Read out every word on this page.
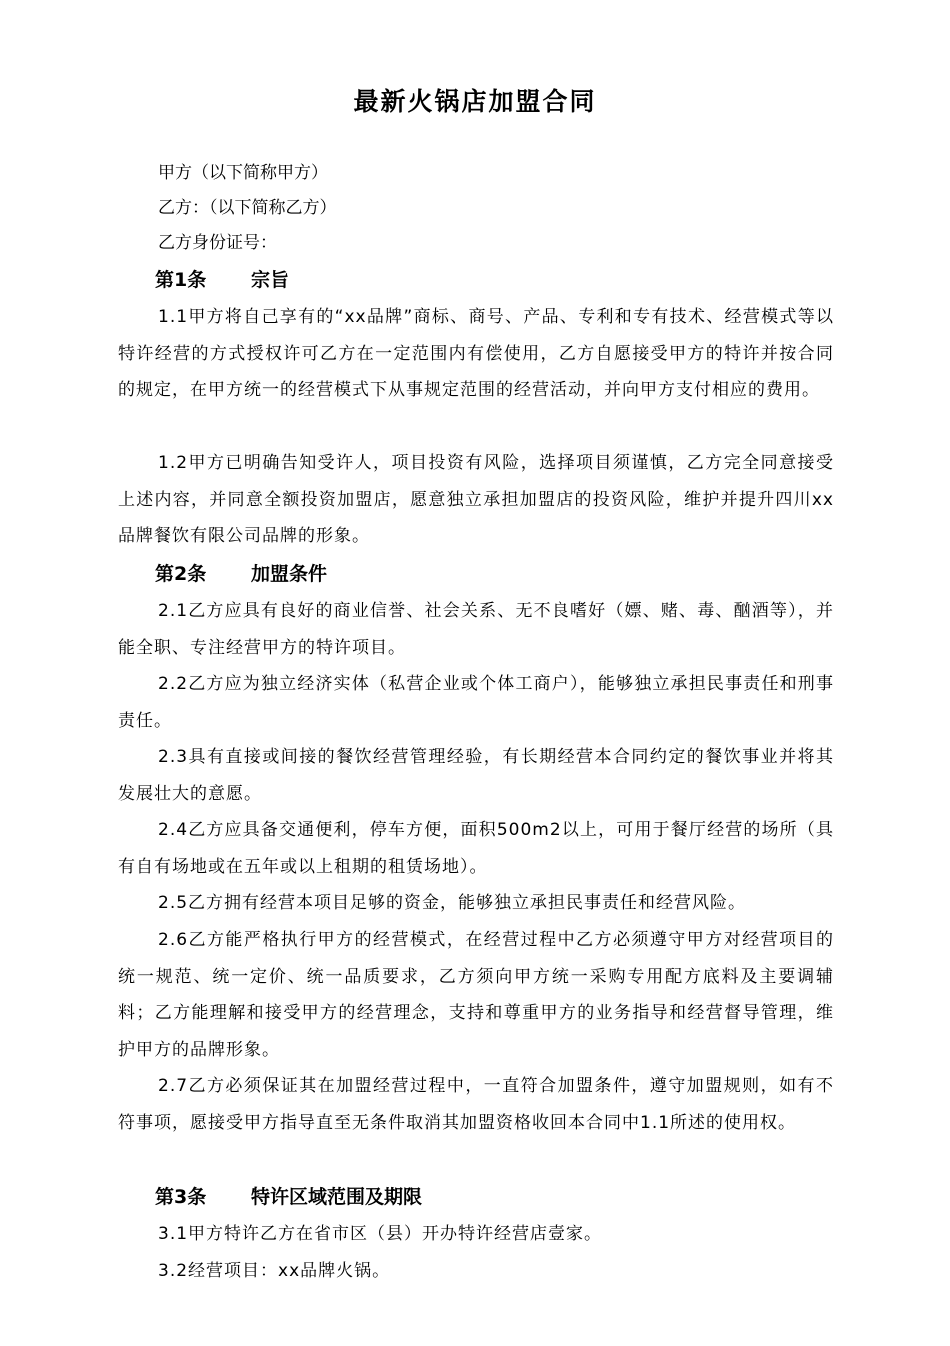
最新火锅店加盟合同
甲方（以下简称甲方）
乙方：（以下简称乙方）
乙方身份证号：
第1条 宗旨
1.1甲方将自己享有的“xx品牌”商标、商号、产品、专利和专有技术、经营模式等以特许经营的方式授权许可乙方在一定范围内有偿使用，乙方自愿接受甲方的特许并按合同的规定，在甲方统一的经营模式下从事规定范围的经营活动，并向甲方支付相应的费用。
1.2甲方已明确告知受许人，项目投资有风险，选择项目须谨慎，乙方完全同意接受上述内容，并同意全额投资加盟店，愿意独立承担加盟店的投资风险，维护并提升四川xx品牌餐饮有限公司品牌的形象。
第2条 加盟条件
2.1乙方应具有良好的商业信誉、社会关系、无不良嗜好（嫖、赌、毒、酗酒等），并能全职、专注经营甲方的特许项目。
2.2乙方应为独立经济实体（私营企业或个体工商户），能够独立承担民事责任和刑事责任。
2.3具有直接或间接的餐饮经营管理经验，有长期经营本合同约定的餐饮事业并将其发展壮大的意愿。
2.4乙方应具备交通便利，停车方便，面积500m2以上，可用于餐厅经营的场所（具有自有场地或在五年或以上租期的租赁场地）。
2.5乙方拥有经营本项目足够的资金，能够独立承担民事责任和经营风险。
2.6乙方能严格执行甲方的经营模式，在经营过程中乙方必须遵守甲方对经营项目的统一规范、统一定价、统一品质要求，乙方须向甲方统一采购专用配方底料及主要调辅料；乙方能理解和接受甲方的经营理念，支持和尊重甲方的业务指导和经营督导管理，维护甲方的品牌形象。
2.7乙方必须保证其在加盟经营过程中，一直符合加盟条件，遵守加盟规则，如有不符事项，愿接受甲方指导直至无条件取消其加盟资格收回本合同中1.1所述的使用权。
第3条 特许区域范围及期限
3.1甲方特许乙方在省市区（县）开办特许经营店壹家。
3.2经营项目：xx品牌火锅。
